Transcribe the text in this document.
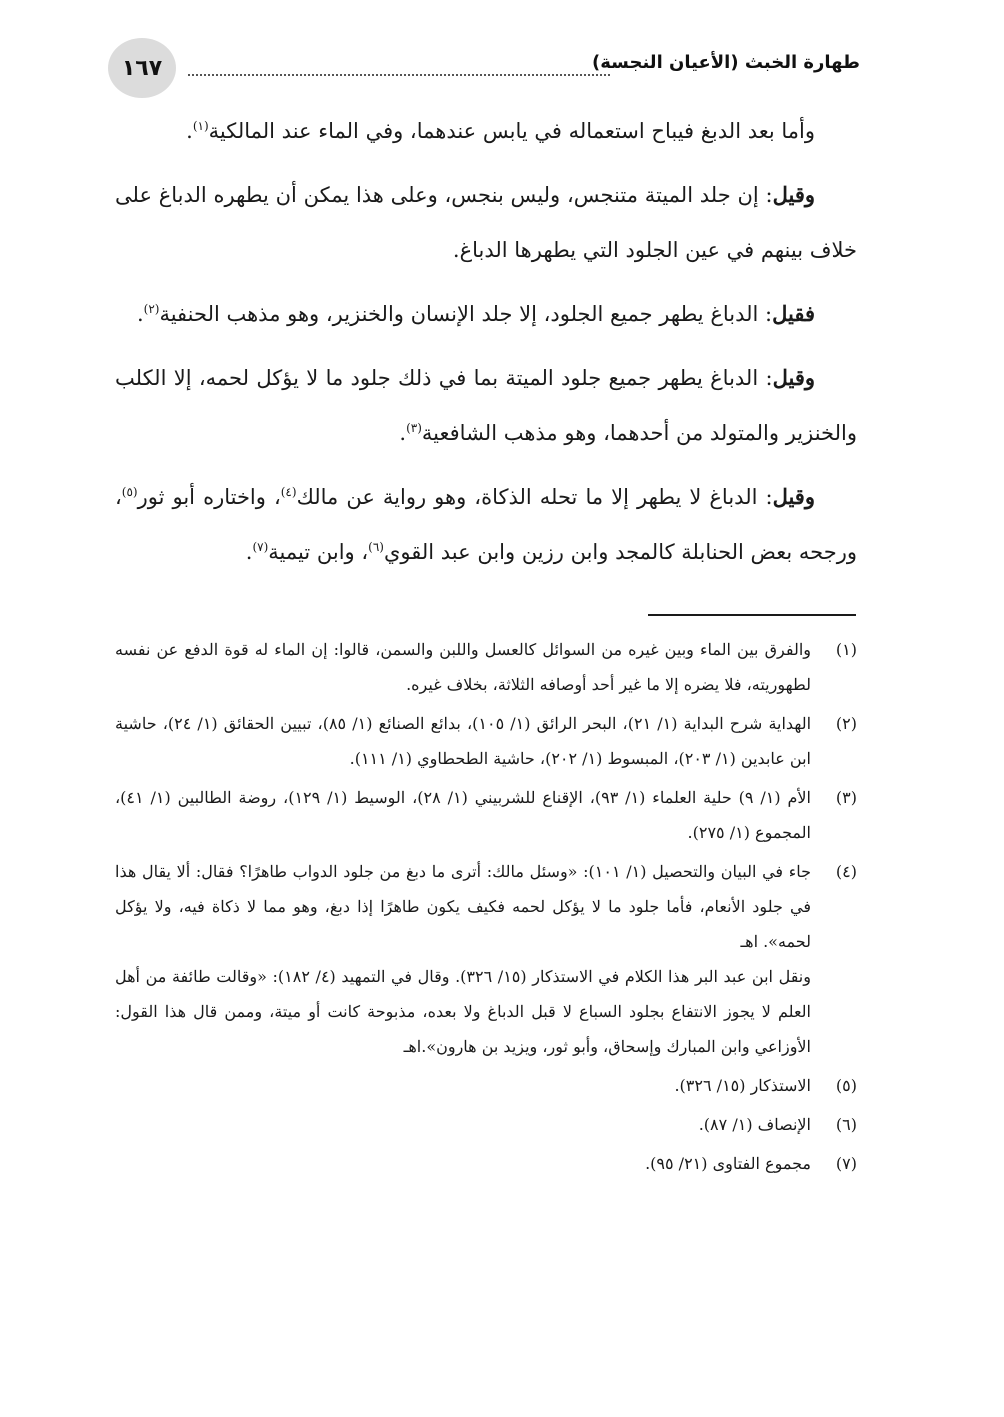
١٦٧	طهارة الخبث (الأعيان النجسة)

وأما بعد الدبغ فيباح استعماله في يابس عندهما، وفي الماء عند المالكية$^{(١)}$.

وقيل: إن جلد الميتة متنجس، وليس بنجس، وعلى هذا يمكن أن يطهره الدباغ على خلاف بينهم في عين الجلود التي يطهرها الدباغ.

فقيل: الدباغ يطهر جميع الجلود، إلا جلد الإنسان والخنزير، وهو مذهب الحنفية$^{(٢)}$.

وقيل: الدباغ يطهر جميع جلود الميتة بما في ذلك جلود ما لا يؤكل لحمه، إلا الكلب والخنزير والمتولد من أحدهما، وهو مذهب الشافعية$^{(٣)}$.

وقيل: الدباغ لا يطهر إلا ما تحله الذكاة، وهو رواية عن مالك$^{(٤)}$، واختاره أبو ثور$^{(٥)}$، ورجحه بعض الحنابلة كالمجد وابن رزين وابن عبد القوي$^{(٦)}$، وابن تيمية$^{(٧)}$.

(١)
والفرق بين الماء وبين غيره من السوائل كالعسل واللبن والسمن، قالوا: إن الماء له قوة الدفع عن نفسه لطهوريته، فلا يضره إلا ما غير أحد أوصافه الثلاثة، بخلاف غيره.
(٢)
الهداية شرح البداية (١/ ٢١)، البحر الرائق (١/ ١٠٥)، بدائع الصنائع (١/ ٨٥)، تبيين الحقائق (١/ ٢٤)، حاشية ابن عابدين (١/ ٢٠٣)، المبسوط (١/ ٢٠٢)، حاشية الطحطاوي (١/ ١١١).
(٣)
الأم (١/ ٩) حلية العلماء (١/ ٩٣)، الإقناع للشربيني (١/ ٢٨)، الوسيط (١/ ١٢٩)، روضة الطالبين (١/ ٤١)، المجموع (١/ ٢٧٥).
(٤)
جاء في البيان والتحصيل (١/ ١٠١): «وسئل مالك: أترى ما دبغ من جلود الدواب طاهرًا؟ فقال: ألا يقال هذا في جلود الأنعام، فأما جلود ما لا يؤكل لحمه فكيف يكون طاهرًا إذا دبغ، وهو مما لا ذكاة فيه، ولا يؤكل لحمه». اهـ
ونقل ابن عبد البر هذا الكلام في الاستذكار (١٥/ ٣٢٦). وقال في التمهيد (٤/ ١٨٢): «وقالت طائفة من أهل العلم لا يجوز الانتفاع بجلود السباع لا قبل الدباغ ولا بعده، مذبوحة كانت أو ميتة، وممن قال هذا القول: الأوزاعي وابن المبارك وإسحاق، وأبو ثور، ويزيد بن هارون».اهـ
(٥)
الاستذكار (١٥/ ٣٢٦).
(٦)
الإنصاف (١/ ٨٧).
(٧)
مجموع الفتاوى (٢١/ ٩٥).
